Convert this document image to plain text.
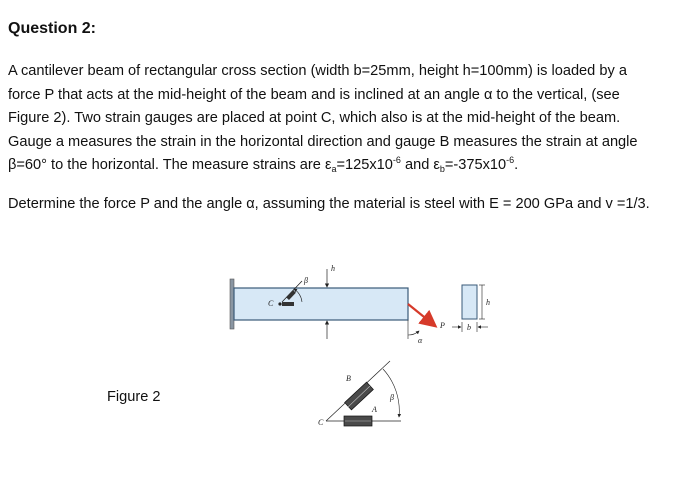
Question 2:
A cantilever beam of rectangular cross section (width b=25mm, height h=100mm) is loaded by a
force P that acts at the mid-height of the beam and is inclined at an angle α to the vertical, (see
Figure 2). Two strain gauges are placed at point C, which also is at the mid-height of the beam.
Gauge a measures the strain in the horizontal direction and gauge B measures the strain at angle
β=60° to the horizontal. The measure strains are $\varepsilon_a=125x10^{-6}$ and $\varepsilon_b=-375x10^{-6}$.
Determine the force P and the angle α, assuming the material is steel with E = 200 GPa and v =1/3.
Figure 2
h
C
β
P
α
h
b
C
A
B
β
